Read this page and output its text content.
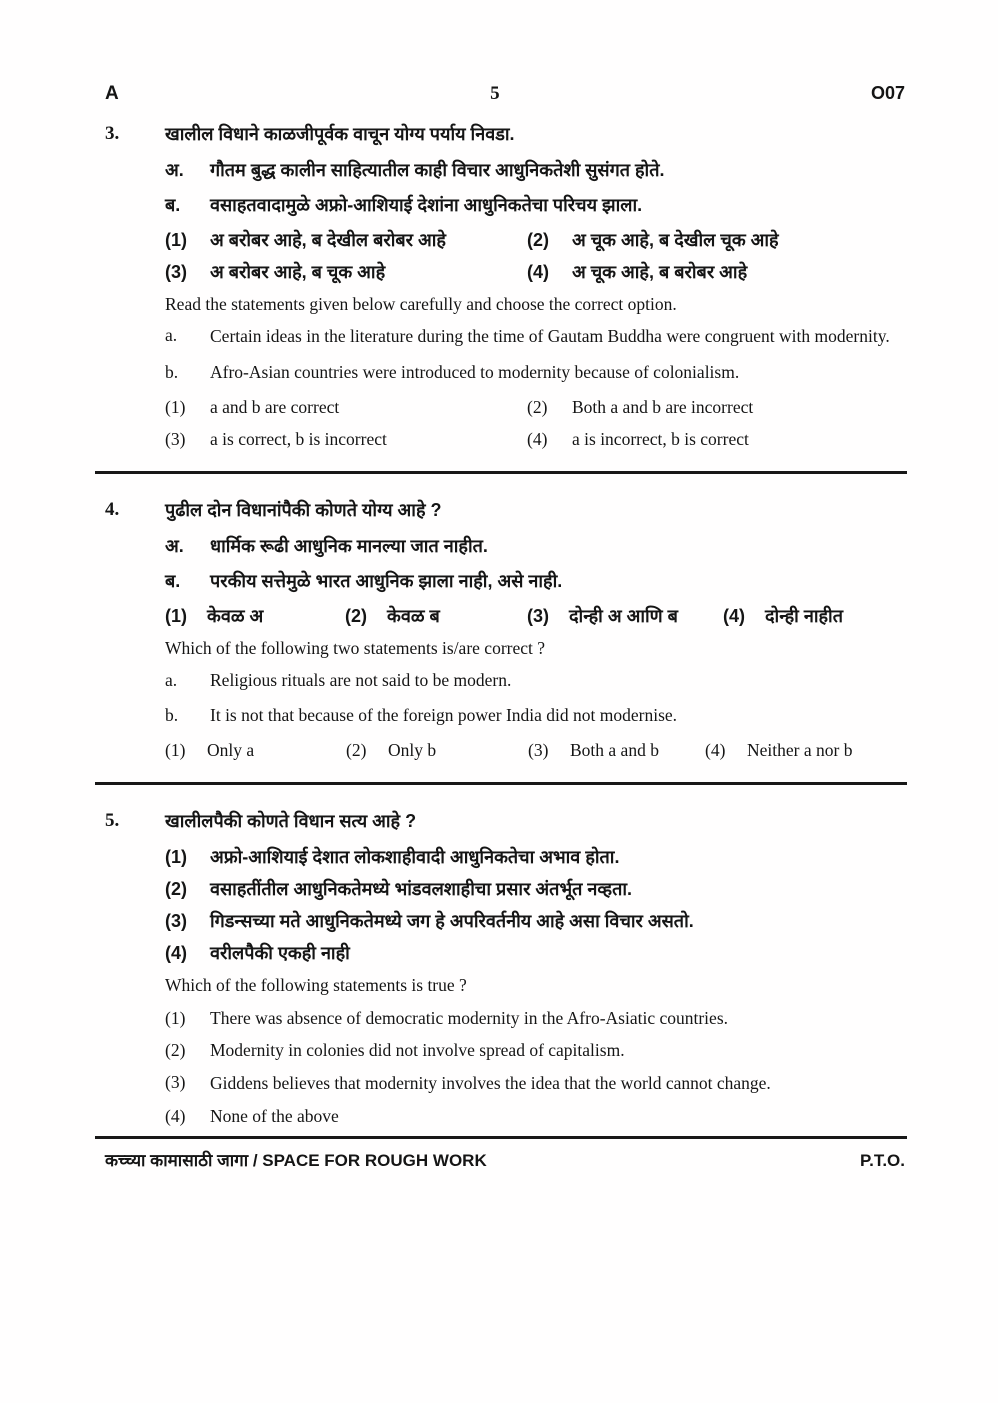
A	5	O07
3.	खालील विधाने काळजीपूर्वक वाचून योग्य पर्याय निवडा.
अ.	गौतम बुद्ध कालीन साहित्यातील काही विचार आधुनिकतेशी सुसंगत होते.
ब.	वसाहतवादामुळे अफ्रो-आशियाई देशांना आधुनिकतेचा परिचय झाला.
(1)	अ बरोबर आहे, ब देखील बरोबर आहे	(2)	अ चूक आहे, ब देखील चूक आहे
(3)	अ बरोबर आहे, ब चूक आहे	(4)	अ चूक आहे, ब बरोबर आहे
Read the statements given below carefully and choose the correct option.
a.	Certain ideas in the literature during the time of Gautam Buddha were congruent with modernity.
b.	Afro-Asian countries were introduced to modernity because of colonialism.
(1)	a and b are correct	(2)	Both a and b are incorrect
(3)	a is correct, b is incorrect	(4)	a is incorrect, b is correct
4.	पुढील दोन विधानांपैकी कोणते योग्य आहे ?
अ.	धार्मिक रूढी आधुनिक मानल्या जात नाहीत.
ब.	परकीय सत्तेमुळे भारत आधुनिक झाला नाही, असे नाही.
(1)	केवळ अ	(2)	केवळ ब	(3)	दोन्ही अ आणि ब	(4)	दोन्ही नाहीत
Which of the following two statements is/are correct ?
a.	Religious rituals are not said to be modern.
b.	It is not that because of the foreign power India did not modernise.
(1)	Only a	(2)	Only b	(3)	Both a and b	(4)	Neither a nor b
5.	खालीलपैकी कोणते विधान सत्य आहे ?
(1)	अफ्रो-आशियाई देशात लोकशाहीवादी आधुनिकतेचा अभाव होता.
(2)	वसाहतींतील आधुनिकतेमध्ये भांडवलशाहीचा प्रसार अंतर्भूत नव्हता.
(3)	गिडन्सच्या मते आधुनिकतेमध्ये जग हे अपरिवर्तनीय आहे असा विचार असतो.
(4)	वरीलपैकी एकही नाही
Which of the following statements is true ?
(1)	There was absence of democratic modernity in the Afro-Asiatic countries.
(2)	Modernity in colonies did not involve spread of capitalism.
(3)	Giddens believes that modernity involves the idea that the world cannot change.
(4)	None of the above
कच्च्या कामासाठी जागा / SPACE FOR ROUGH WORK	P.T.O.
